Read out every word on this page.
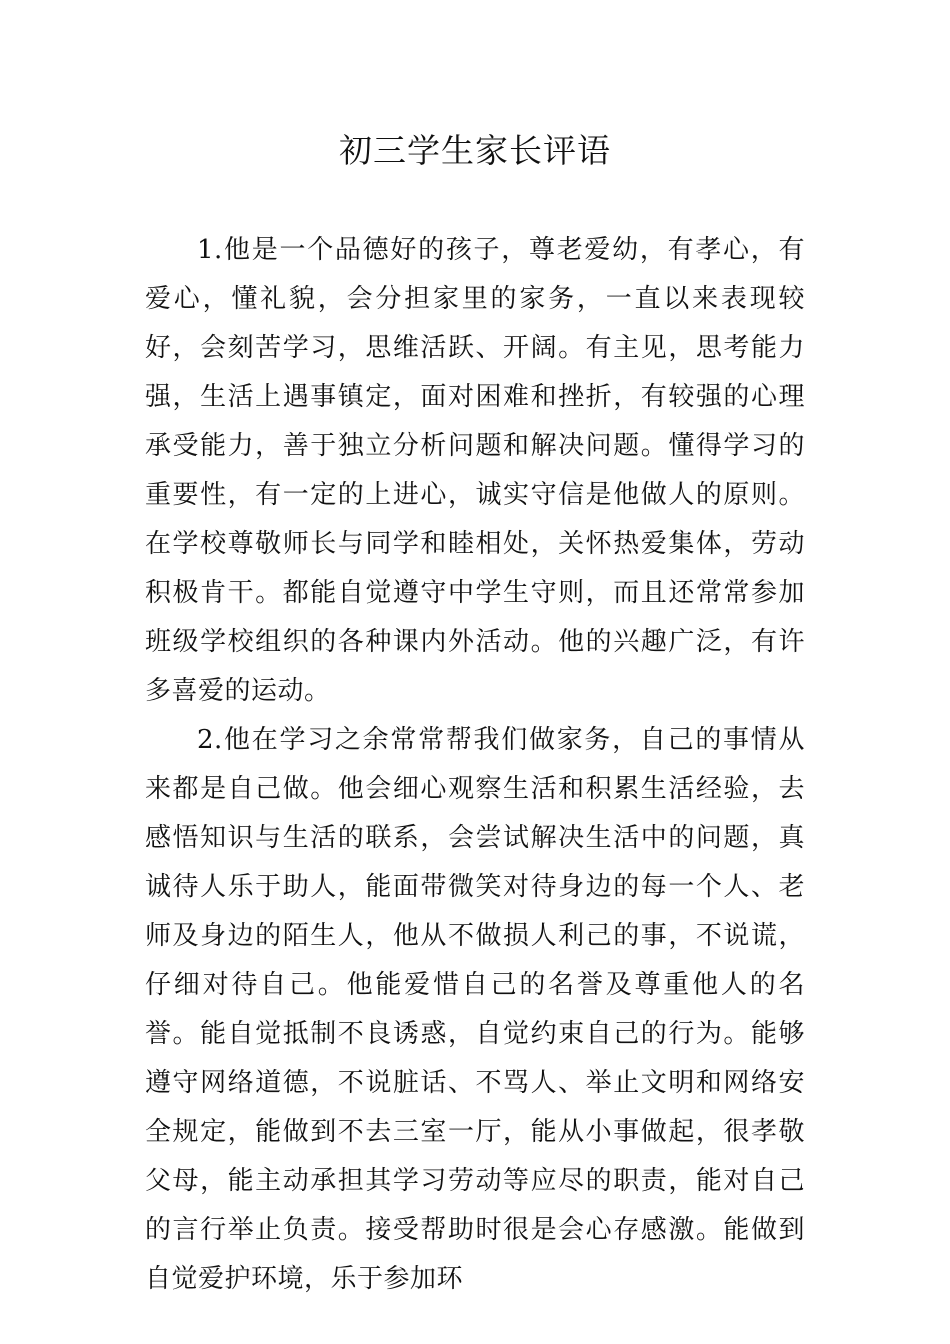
初三学生家长评语

1.他是一个品德好的孩子，尊老爱幼，有孝心，有爱心，懂礼貌，会分担家里的家务，一直以来表现较好，会刻苦学习，思维活跃、开阔。有主见，思考能力强，生活上遇事镇定，面对困难和挫折，有较强的心理承受能力，善于独立分析问题和解决问题。懂得学习的重要性，有一定的上进心，诚实守信是他做人的原则。在学校尊敬师长与同学和睦相处，关怀热爱集体，劳动积极肯干。都能自觉遵守中学生守则，而且还常常参加班级学校组织的各种课内外活动。他的兴趣广泛，有许多喜爱的运动。

2.他在学习之余常常帮我们做家务，自己的事情从来都是自己做。他会细心观察生活和积累生活经验，去感悟知识与生活的联系，会尝试解决生活中的问题，真诚待人乐于助人，能面带微笑对待身边的每一个人、老师及身边的陌生人，他从不做损人利己的事，不说谎，仔细对待自己。他能爱惜自己的名誉及尊重他人的名誉。能自觉抵制不良诱惑，自觉约束自己的行为。能够遵守网络道德，不说脏话、不骂人、举止文明和网络安全规定，能做到不去三室一厅，能从小事做起，很孝敬父母，能主动承担其学习劳动等应尽的职责，能对自己的言行举止负责。接受帮助时很是会心存感激。能做到自觉爱护环境，乐于参加环
